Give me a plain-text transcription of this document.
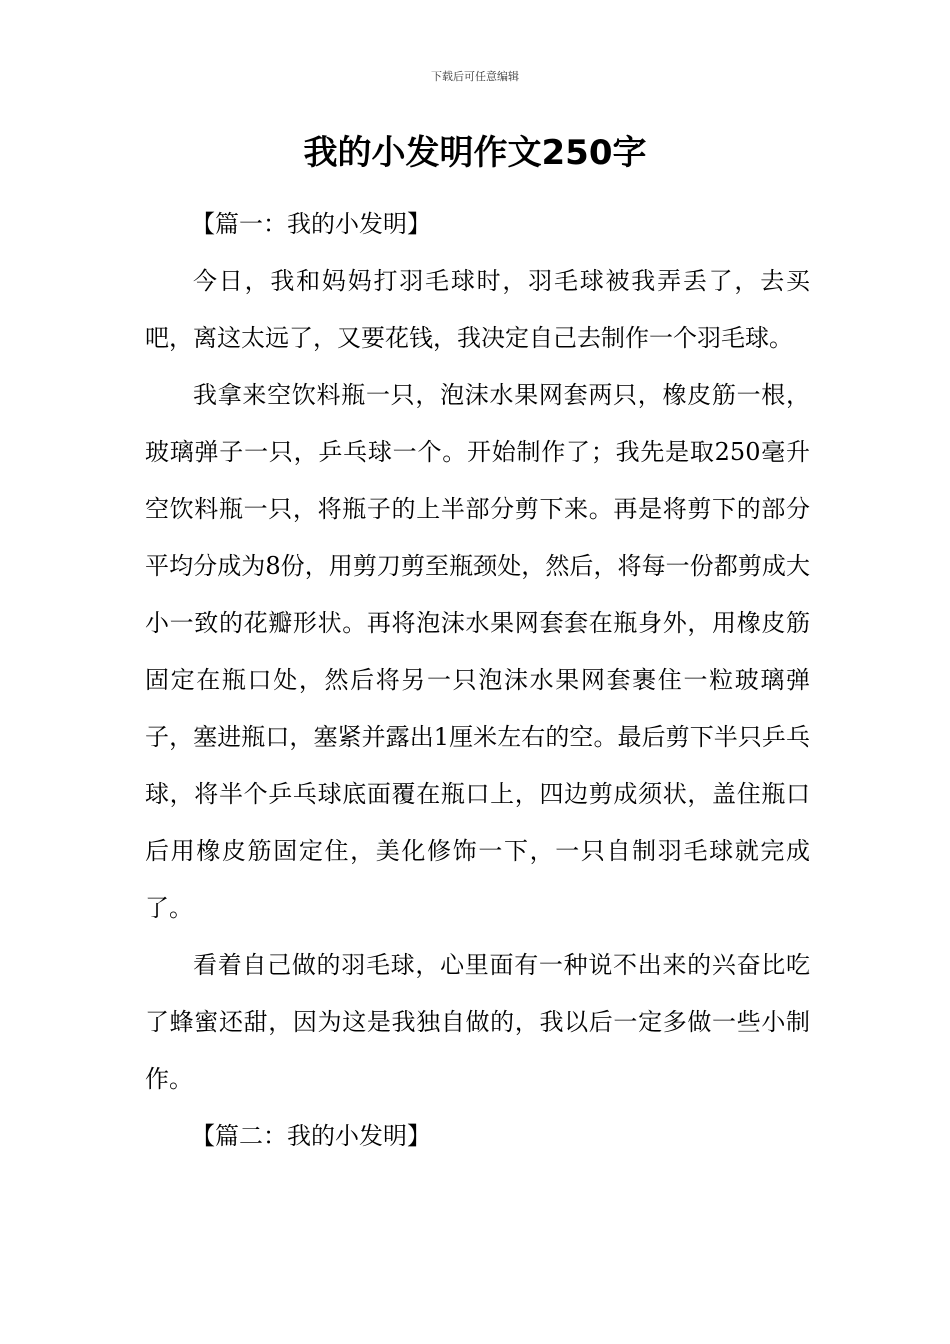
下载后可任意编辑
我的小发明作文250字
【篇一：我的小发明】

今日，我和妈妈打羽毛球时，羽毛球被我弄丢了，去买吧，离这太远了，又要花钱，我决定自己去制作一个羽毛球。

我拿来空饮料瓶一只，泡沫水果网套两只，橡皮筋一根，玻璃弹子一只，乒乓球一个。开始制作了；我先是取250毫升空饮料瓶一只，将瓶子的上半部分剪下来。再是将剪下的部分平均分成为8份，用剪刀剪至瓶颈处，然后，将每一份都剪成大小一致的花瓣形状。再将泡沫水果网套套在瓶身外，用橡皮筋固定在瓶口处，然后将另一只泡沫水果网套裹住一粒玻璃弹子，塞进瓶口，塞紧并露出1厘米左右的空。最后剪下半只乒乓球，将半个乒乓球底面覆在瓶口上，四边剪成须状，盖住瓶口后用橡皮筋固定住，美化修饰一下，一只自制羽毛球就完成了。

看着自己做的羽毛球，心里面有一种说不出来的兴奋比吃了蜂蜜还甜，因为这是我独自做的，我以后一定多做一些小制作。

【篇二：我的小发明】
